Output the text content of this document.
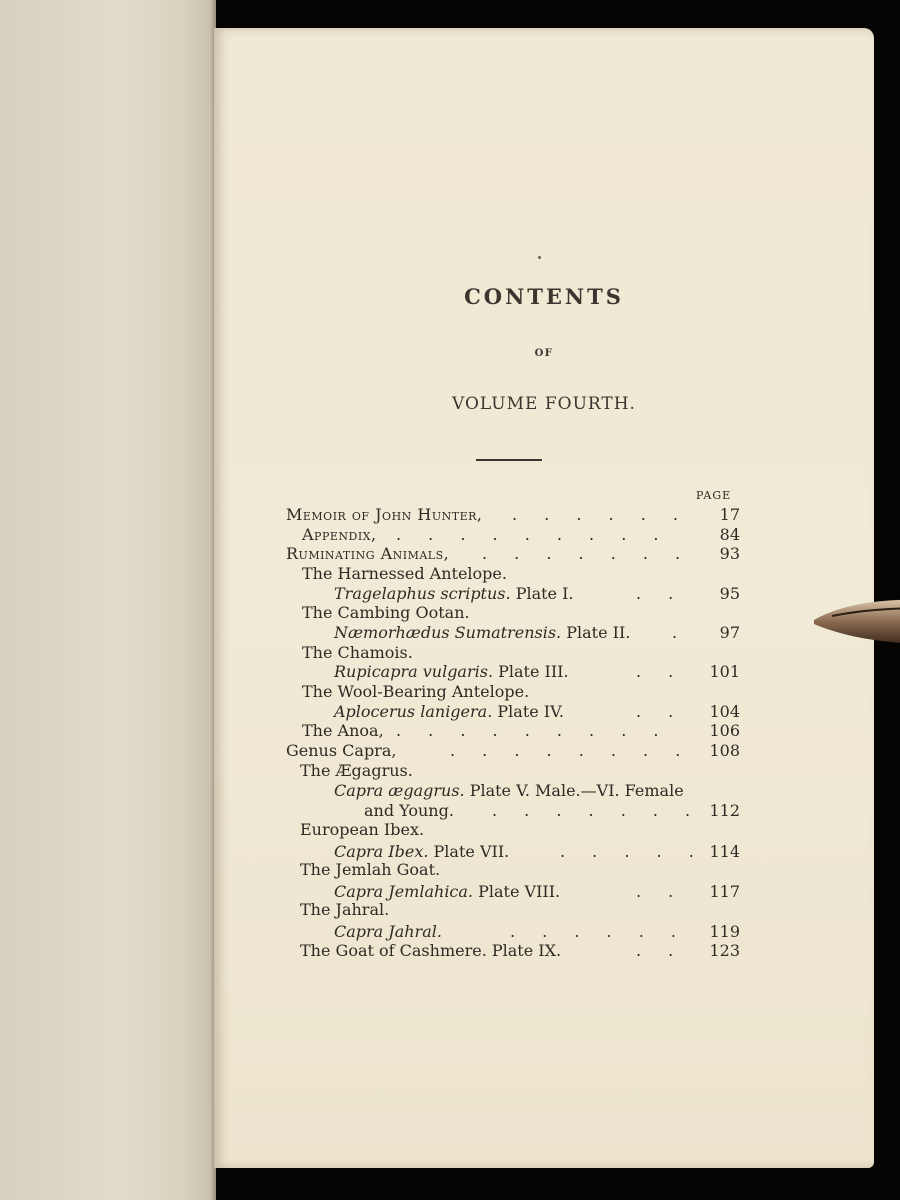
CONTENTS
OF
VOLUME FOURTH.
PAGE
Memoir of John Hunter, . . . . . .	17
Appendix, . . . . . . . . .	84
Ruminating Animals, . . . . . . .	93
The Harnessed Antelope.
Tragelaphus scriptus. Plate I.	. .	95
The Cambing Ootan.
Næmorhædus Sumatrensis. Plate II.	.	97
The Chamois.
Rupicapra vulgaris. Plate III.	. .	101
The Wool-Bearing Antelope.
Aplocerus lanigera. Plate IV.	. .	104
The Anoa, . . . . . . . . .	106
Genus Capra,	. . . . . . . .	108
The Ægagrus.
Capra ægagrus. Plate V. Male.—VI. Female
and Young. . . . . . . . 112
European Ibex.
Capra Ibex. Plate VII.	. . . . . 114
The Jemlah Goat.
Capra Jemlahica. Plate VIII.	. .	117
The Jahral.
Capra Jahral.	. . . . . .	119
The Goat of Cashmere. Plate IX.	. .	123
